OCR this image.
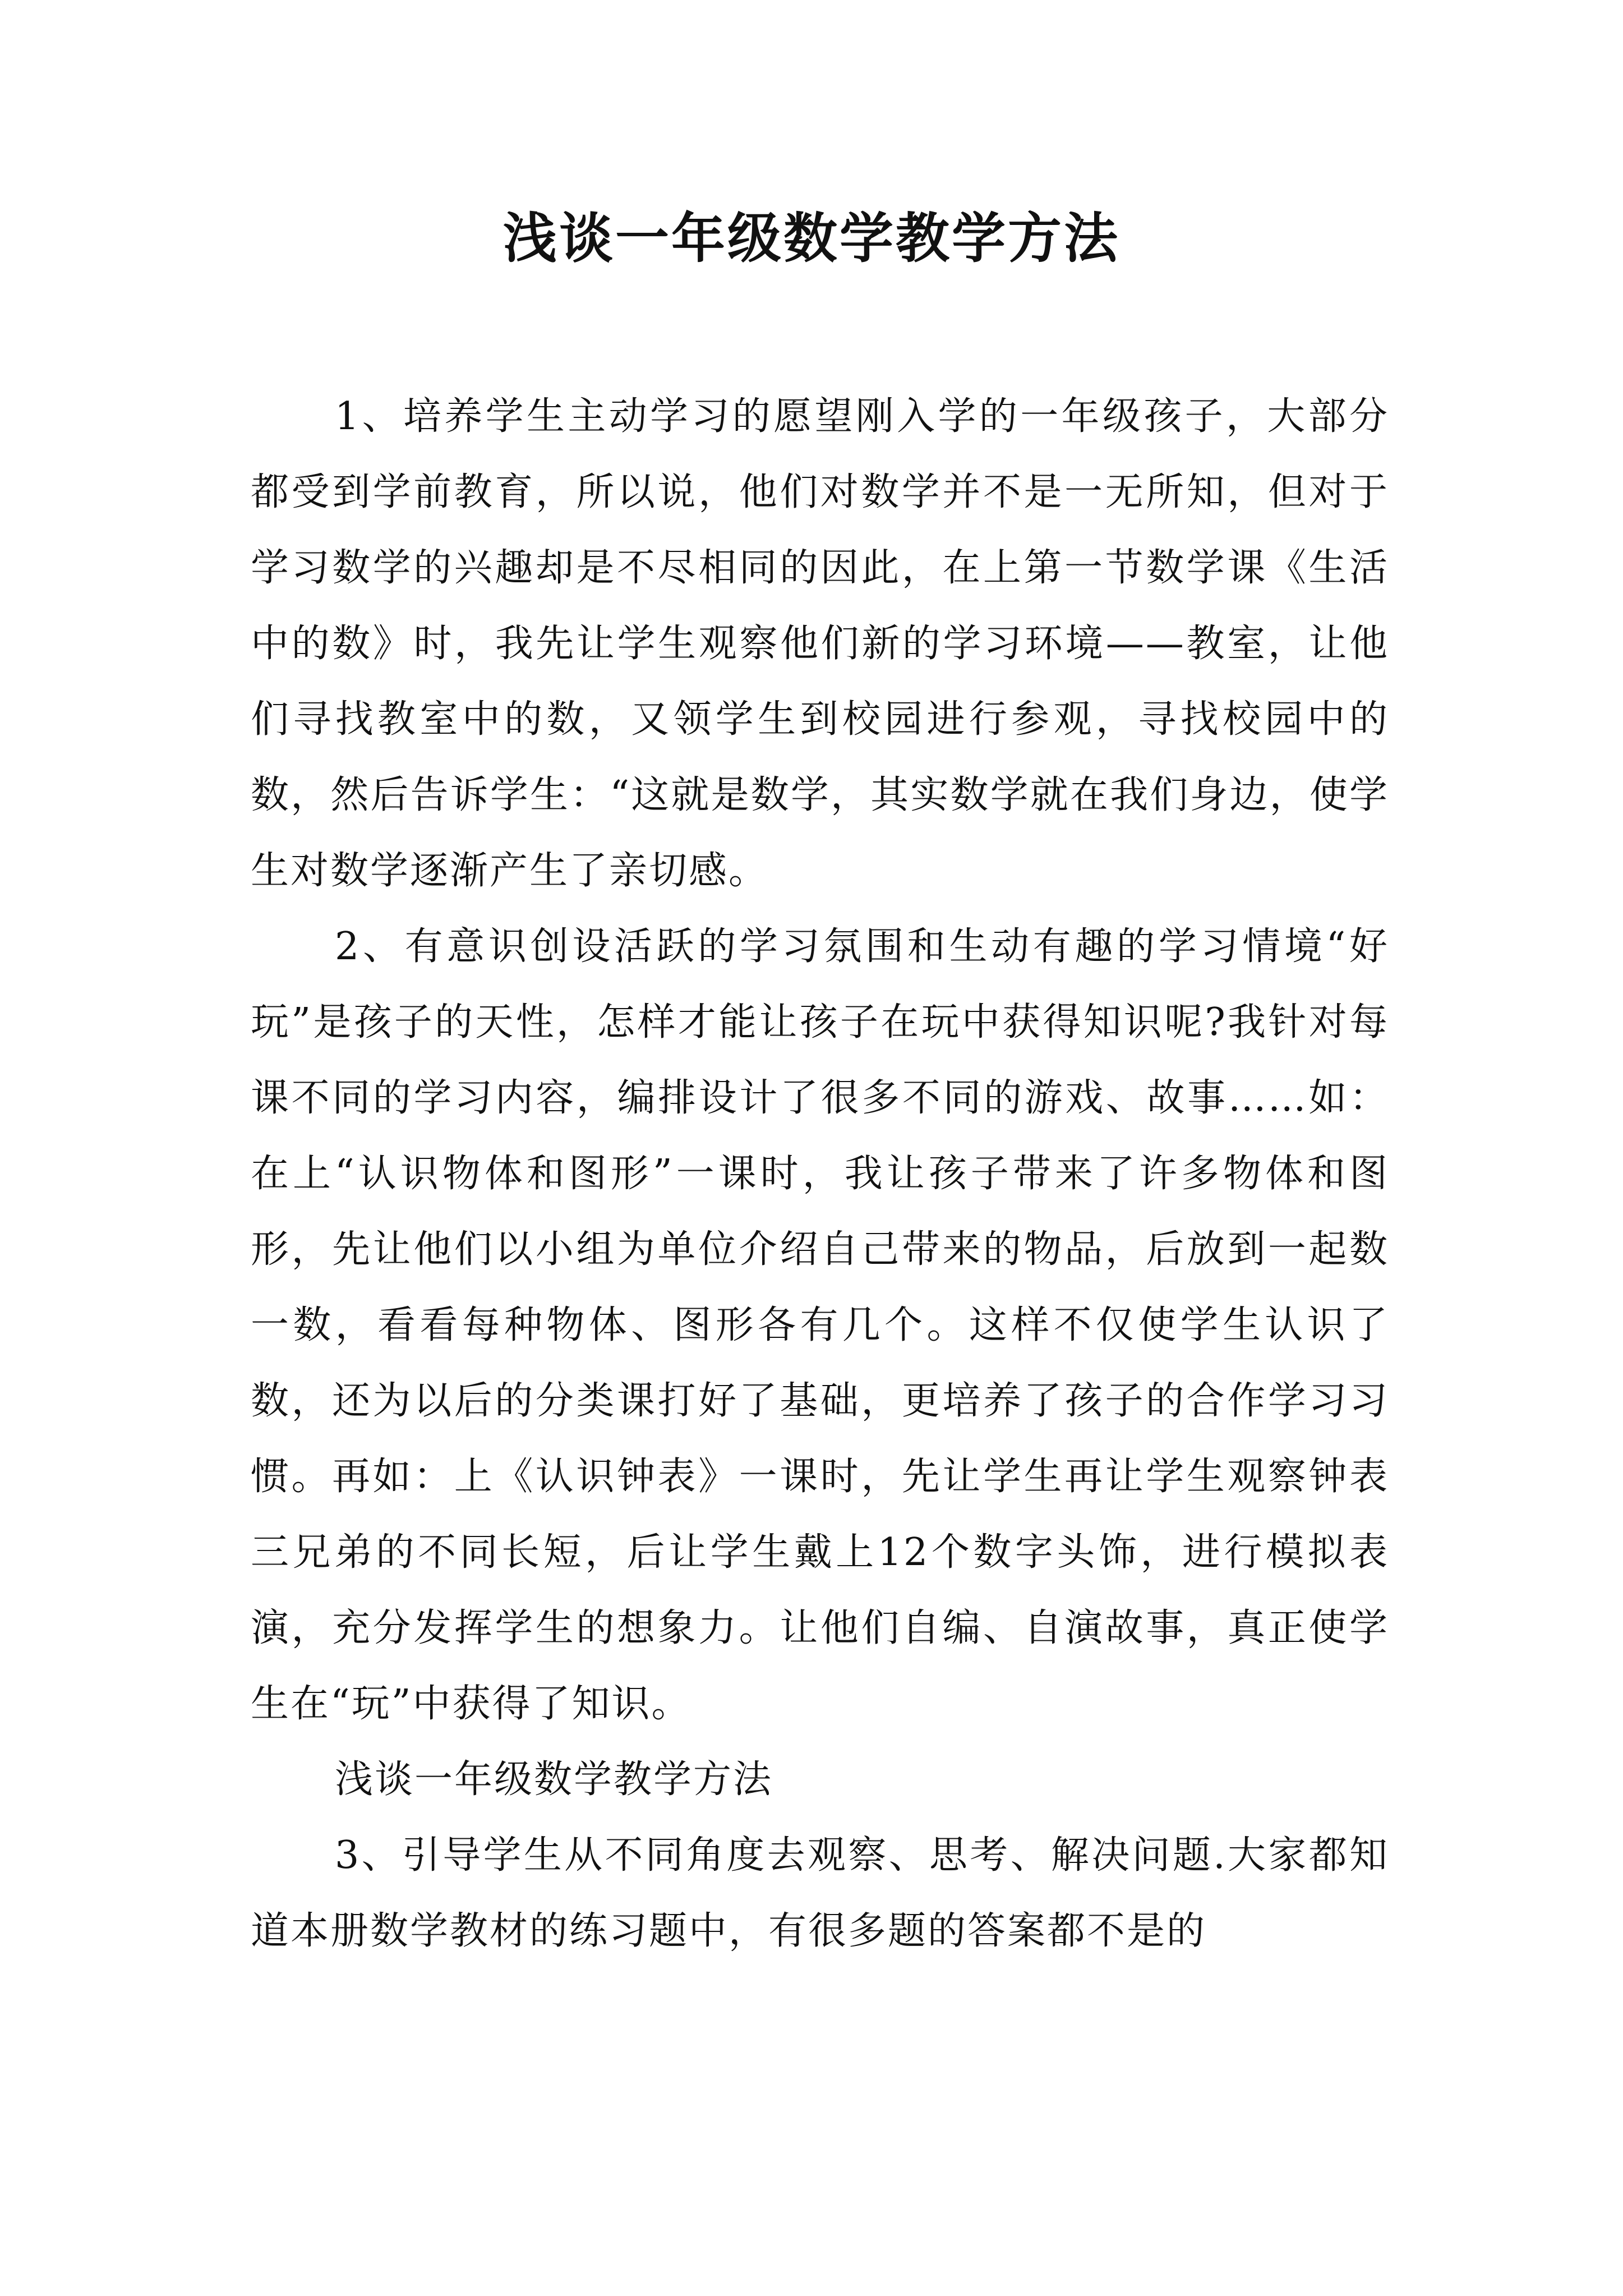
浅谈一年级数学教学方法

1、培养学生主动学习的愿望刚入学的一年级孩子，大部分都受到学前教育，所以说，他们对数学并不是一无所知，但对于学习数学的兴趣却是不尽相同的因此，在上第一节数学课《生活中的数》时，我先让学生观察他们新的学习环境——教室，让他们寻找教室中的数，又领学生到校园进行参观，寻找校园中的数，然后告诉学生：“这就是数学，其实数学就在我们身边，使学生对数学逐渐产生了亲切感。

2、有意识创设活跃的学习氛围和生动有趣的学习情境“好玩”是孩子的天性，怎样才能让孩子在玩中获得知识呢?我针对每课不同的学习内容，编排设计了很多不同的游戏、故事……如：在上“认识物体和图形”一课时，我让孩子带来了许多物体和图形，先让他们以小组为单位介绍自己带来的物品，后放到一起数一数，看看每种物体、图形各有几个。这样不仅使学生认识了数，还为以后的分类课打好了基础，更培养了孩子的合作学习习惯。再如：上《认识钟表》一课时，先让学生再让学生观察钟表三兄弟的不同长短，后让学生戴上12个数字头饰，进行模拟表演，充分发挥学生的想象力。让他们自编、自演故事，真正使学生在“玩”中获得了知识。

浅谈一年级数学教学方法

3、引导学生从不同角度去观察、思考、解决问题.大家都知道本册数学教材的练习题中，有很多题的答案都不是的
